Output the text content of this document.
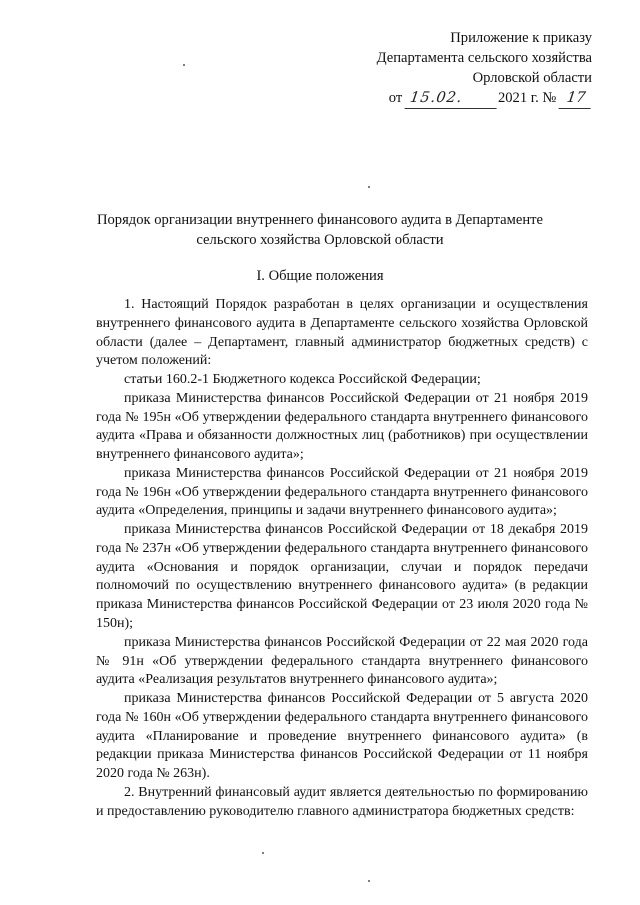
Приложение к приказу
Департамента сельского хозяйства
Орловской области
от 15.02. 2021 г. № 17
Порядок организации внутреннего финансового аудита в Департаменте
сельского хозяйства Орловской области
I. Общие положения

1. Настоящий Порядок разработан в целях организации и осуществления внутреннего финансового аудита в Департаменте сельского хозяйства Орловской области (далее – Департамент, главный администратор бюджетных средств) с учетом положений:

статьи 160.2-1 Бюджетного кодекса Российской Федерации;

приказа Министерства финансов Российской Федерации от 21 ноября 2019 года № 195н «Об утверждении федерального стандарта внутреннего финансового аудита «Права и обязанности должностных лиц (работников) при осуществлении внутреннего финансового аудита»;

приказа Министерства финансов Российской Федерации от 21 ноября 2019 года № 196н «Об утверждении федерального стандарта внутреннего финансового аудита «Определения, принципы и задачи внутреннего финансового аудита»;

приказа Министерства финансов Российской Федерации от 18 декабря 2019 года № 237н «Об утверждении федерального стандарта внутреннего финансового аудита «Основания и порядок организации, случаи и порядок передачи полномочий по осуществлению внутреннего финансового аудита» (в редакции приказа Министерства финансов Российской Федерации от 23 июля 2020 года № 150н);

приказа Министерства финансов Российской Федерации от 22 мая 2020 года № 91н «Об утверждении федерального стандарта внутреннего финансового аудита «Реализация результатов внутреннего финансового аудита»;

приказа Министерства финансов Российской Федерации от 5 августа 2020 года № 160н «Об утверждении федерального стандарта внутреннего финансового аудита «Планирование и проведение внутреннего финансового аудита» (в редакции приказа Министерства финансов Российской Федерации от 11 ноября 2020 года № 263н).

2. Внутренний финансовый аудит является деятельностью по формированию и предоставлению руководителю главного администратора бюджетных средств:
